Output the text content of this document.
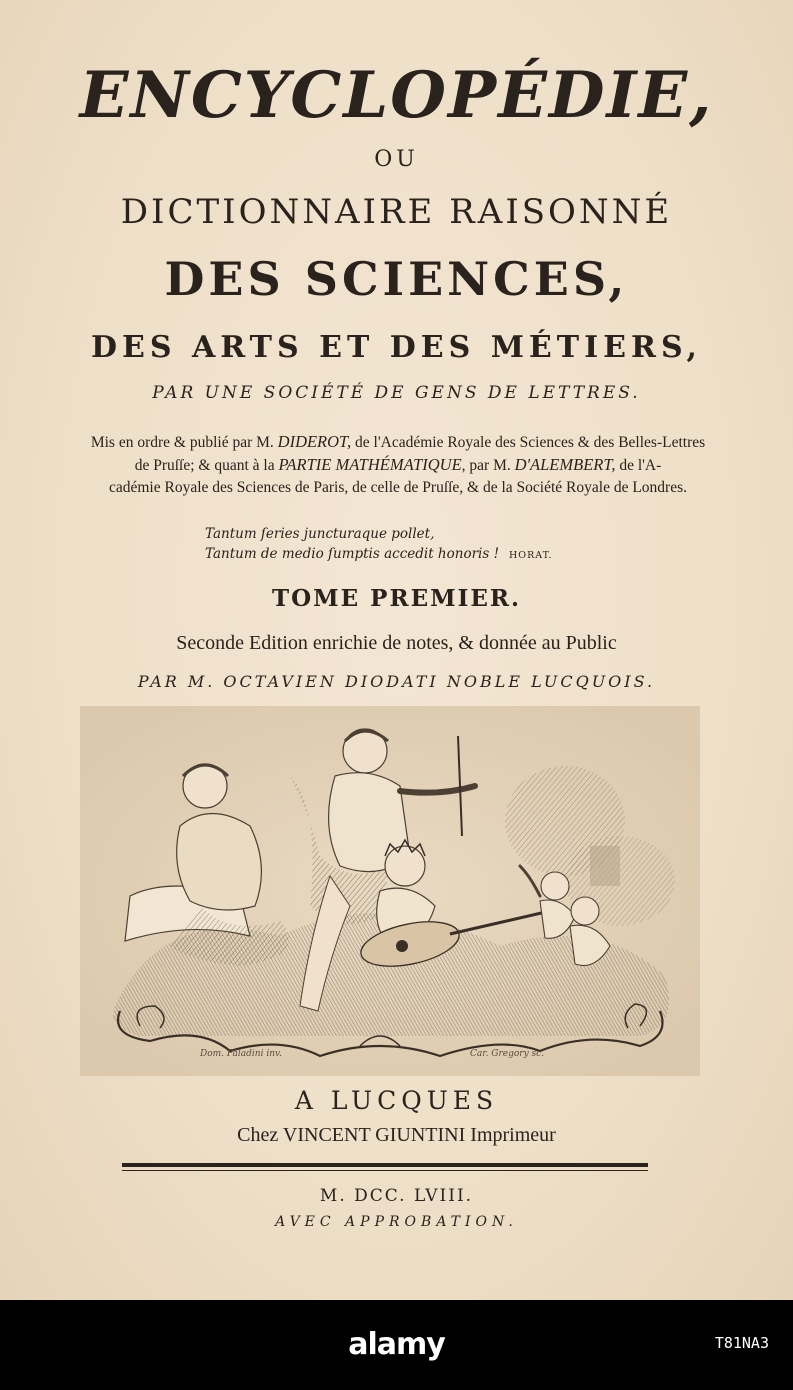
ENCYCLOPÉDIE,
OU
DICTIONNAIRE RAISONNÉ
DES SCIENCES,
DES ARTS ET DES MÉTIERS,
PAR UNE SOCIÉTÉ DE GENS DE LETTRES.

Mis en ordre & publié par M. DIDEROT, de l'Académie Royale des Sciences & des Belles-Lettres

de Pruſſe; & quant à la PARTIE MATHÉMATIQUE, par M. D'ALEMBERT, de l'A-

cadémie Royale des Sciences de Paris, de celle de Pruſſe, & de la Société Royale de Londres.

Tantum ſeries juncturaque pollet,
Tantum de medio ſumptis accedit honoris ! HORAT.
TOME PREMIER.
Seconde Edition enrichie de notes, & donnée au Public
PAR M. OCTAVIEN DIODATI NOBLE LUCQUOIS.
Dom. Paladini inv.	Car. Gregory sc.
A LUCQUES
Chez VINCENT GIUNTINI Imprimeur
M. DCC. LVIII.
AVEC APPROBATION.
alamy	T81NA3
